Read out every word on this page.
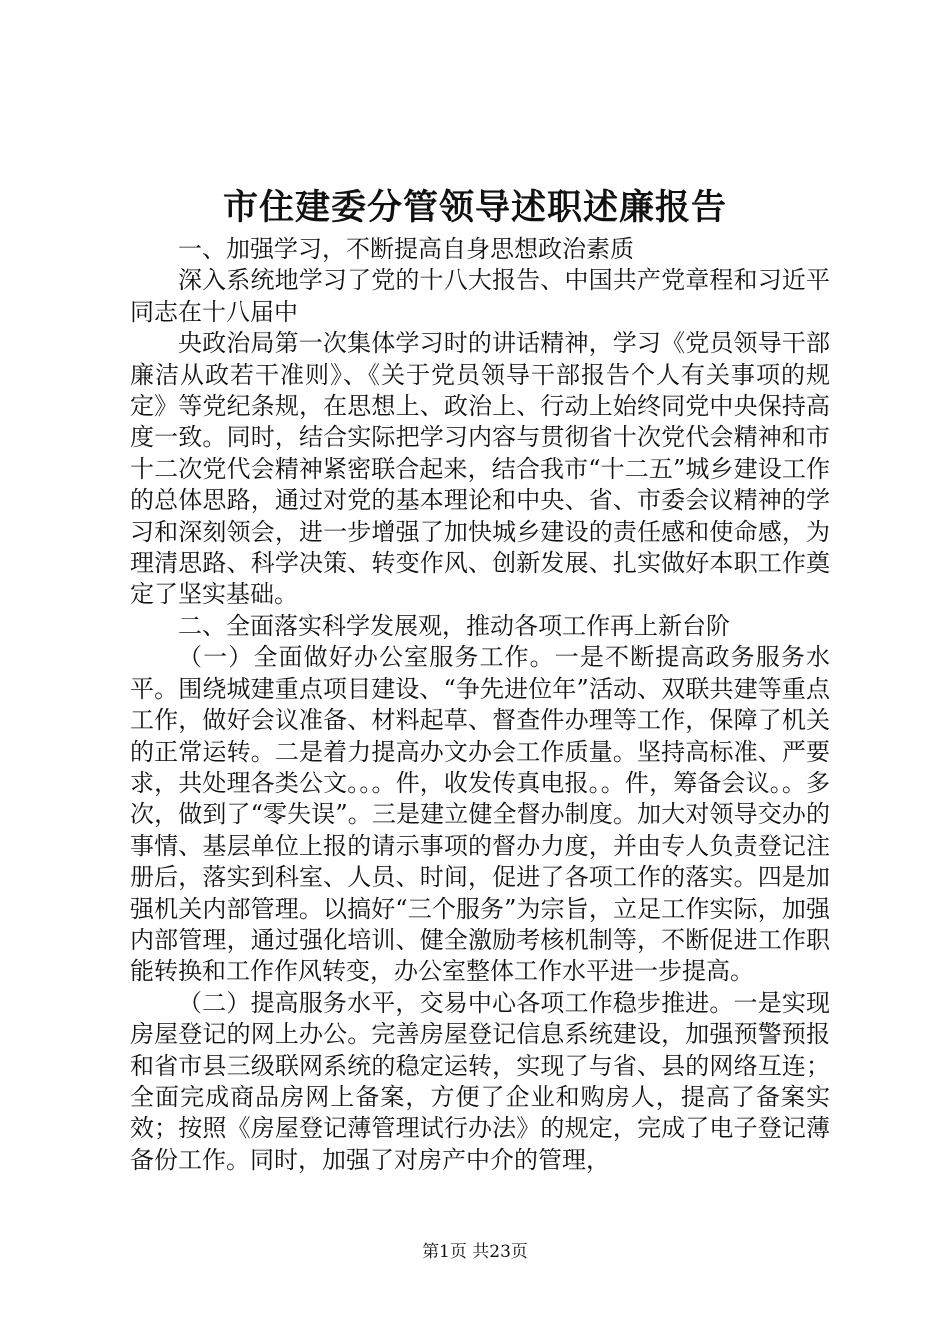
市住建委分管领导述职述廉报告

一、加强学习，不断提高自身思想政治素质

深入系统地学习了党的十八大报告、中国共产党章程和习近平同志在十八届中

央政治局第一次集体学习时的讲话精神，学习《党员领导干部廉洁从政若干准则》、《关于党员领导干部报告个人有关事项的规定》等党纪条规，在思想上、政治上、行动上始终同党中央保持高度一致。同时，结合实际把学习内容与贯彻省十次党代会精神和市十二次党代会精神紧密联合起来，结合我市“十二五”城乡建设工作的总体思路，通过对党的基本理论和中央、省、市委会议精神的学习和深刻领会，进一步增强了加快城乡建设的责任感和使命感，为理清思路、科学决策、转变作风、创新发展、扎实做好本职工作奠定了坚实基础。

二、全面落实科学发展观，推动各项工作再上新台阶

（一）全面做好办公室服务工作。一是不断提高政务服务水平。围绕城建重点项目建设、“争先进位年”活动、双联共建等重点工作，做好会议准备、材料起草、督查件办理等工作，保障了机关的正常运转。二是着力提高办文办会工作质量。坚持高标准、严要求，共处理各类公文。。。件，收发传真电报。。件，筹备会议。。多次，做到了“零失误”。三是建立健全督办制度。加大对领导交办的事情、基层单位上报的请示事项的督办力度，并由专人负责登记注册后，落实到科室、人员、时间，促进了各项工作的落实。四是加强机关内部管理。以搞好“三个服务”为宗旨，立足工作实际，加强内部管理，通过强化培训、健全激励考核机制等，不断促进工作职能转换和工作作风转变，办公室整体工作水平进一步提高。

（二）提高服务水平，交易中心各项工作稳步推进。一是实现房屋登记的网上办公。完善房屋登记信息系统建设，加强预警预报和省市县三级联网系统的稳定运转，实现了与省、县的网络互连；全面完成商品房网上备案，方便了企业和购房人，提高了备案实效；按照《房屋登记薄管理试行办法》的规定，完成了电子登记薄备份工作。同时，加强了对房产中介的管理，

第1页 共23页
